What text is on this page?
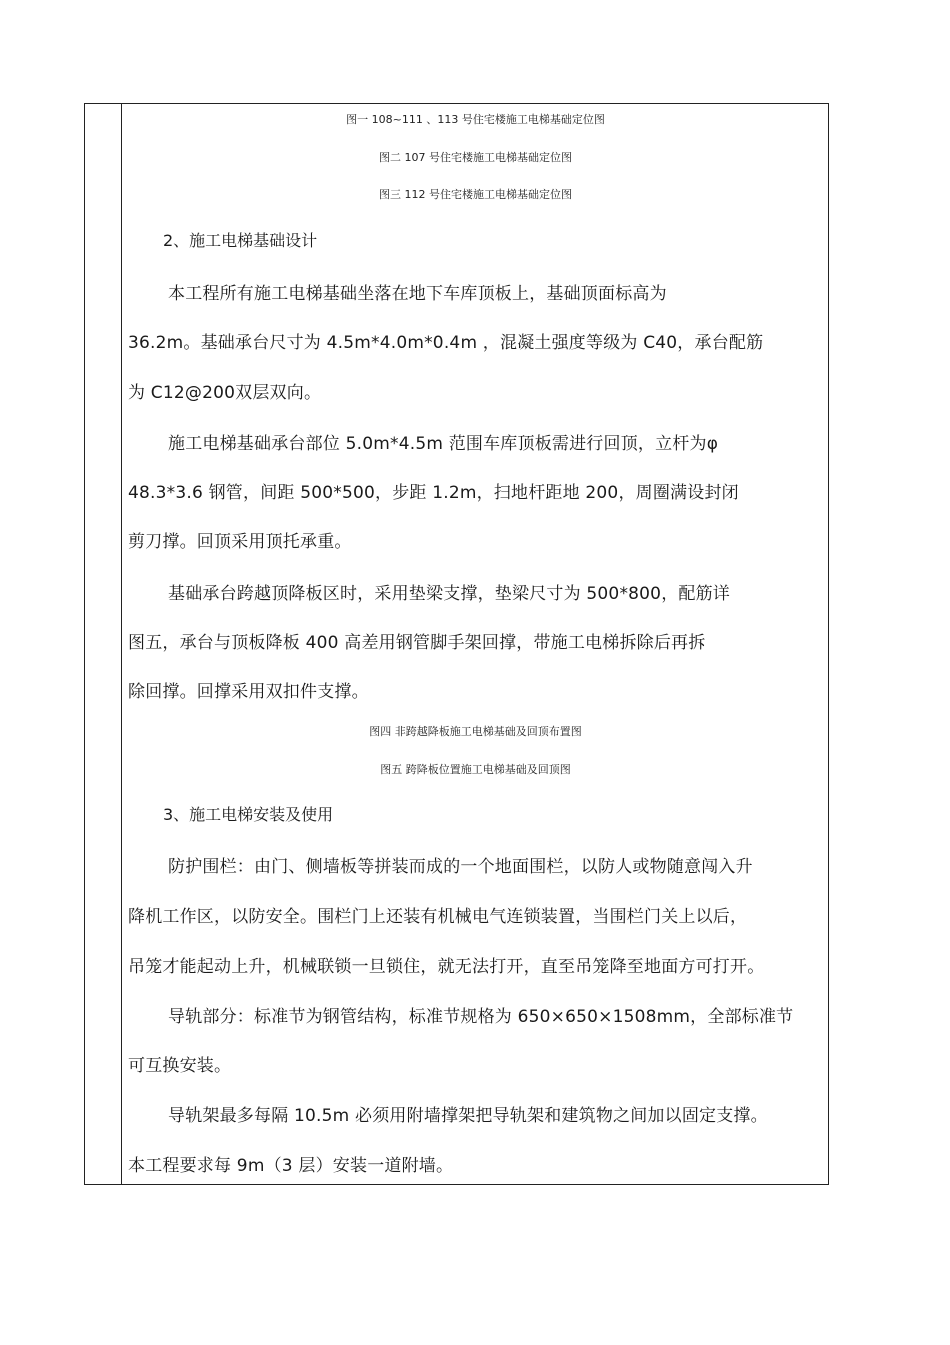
图一 108~111 、113 号住宅楼施工电梯基础定位图
图二 107 号住宅楼施工电梯基础定位图
图三 112 号住宅楼施工电梯基础定位图
2、施工电梯基础设计
本工程所有施工电梯基础坐落在地下车库顶板上，基础顶面标高为
36.2m。基础承台尺寸为 4.5m*4.0m*0.4m ，混凝土强度等级为 C40，承台配筋
为 C12@200双层双向。
施工电梯基础承台部位 5.0m*4.5m 范围车库顶板需进行回顶，立杆为φ
48.3*3.6 钢管，间距 500*500，步距 1.2m，扫地杆距地 200，周圈满设封闭
剪刀撑。回顶采用顶托承重。
基础承台跨越顶降板区时，采用垫梁支撑，垫梁尺寸为 500*800，配筋详
图五，承台与顶板降板 400 高差用钢管脚手架回撑，带施工电梯拆除后再拆
除回撑。回撑采用双扣件支撑。
图四 非跨越降板施工电梯基础及回顶布置图
图五 跨降板位置施工电梯基础及回顶图
3、施工电梯安装及使用
防护围栏：由门、侧墙板等拼装而成的一个地面围栏，以防人或物随意闯入升
降机工作区，以防安全。围栏门上还装有机械电气连锁装置，当围栏门关上以后，
吊笼才能起动上升，机械联锁一旦锁住，就无法打开，直至吊笼降至地面方可打开。
导轨部分：标准节为钢管结构，标准节规格为 650×650×1508mm，全部标准节
可互换安装。
导轨架最多每隔 10.5m 必须用附墙撑架把导轨架和建筑物之间加以固定支撑。
本工程要求每 9m（3 层）安装一道附墙。
